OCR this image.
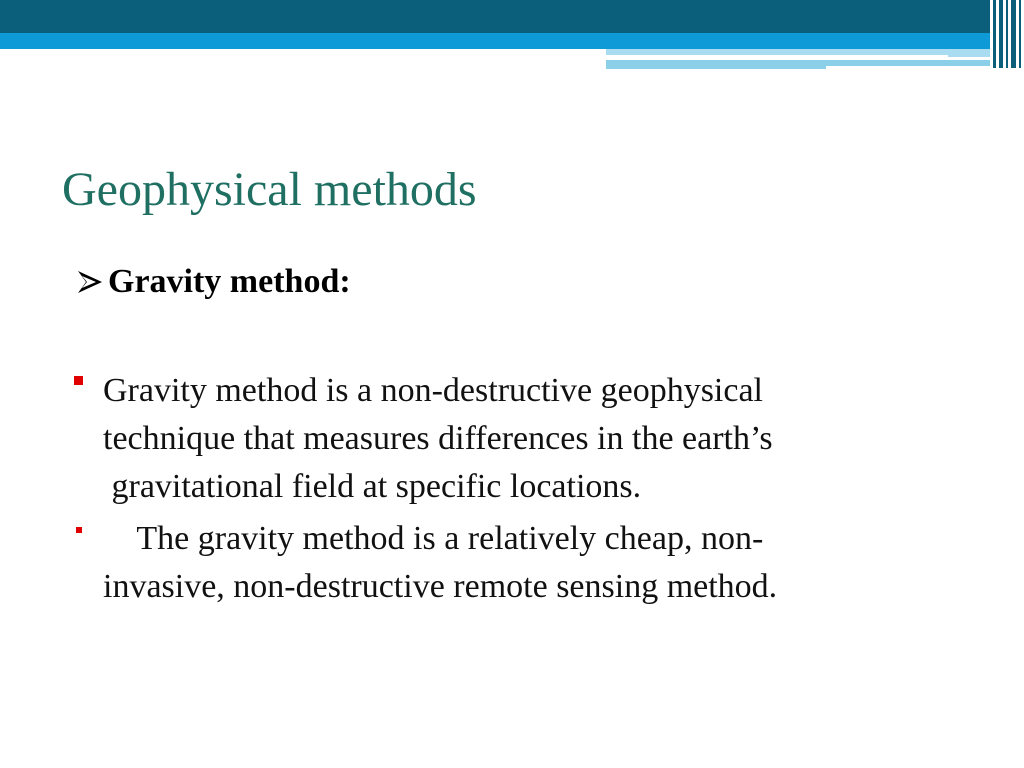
Geophysical methods
Gravity method:
Gravity method is a non-destructive geophysical
technique that measures differences in the earth’s
gravitational field at specific locations.
The gravity method is a relatively cheap, non-
invasive, non-destructive remote sensing method.
